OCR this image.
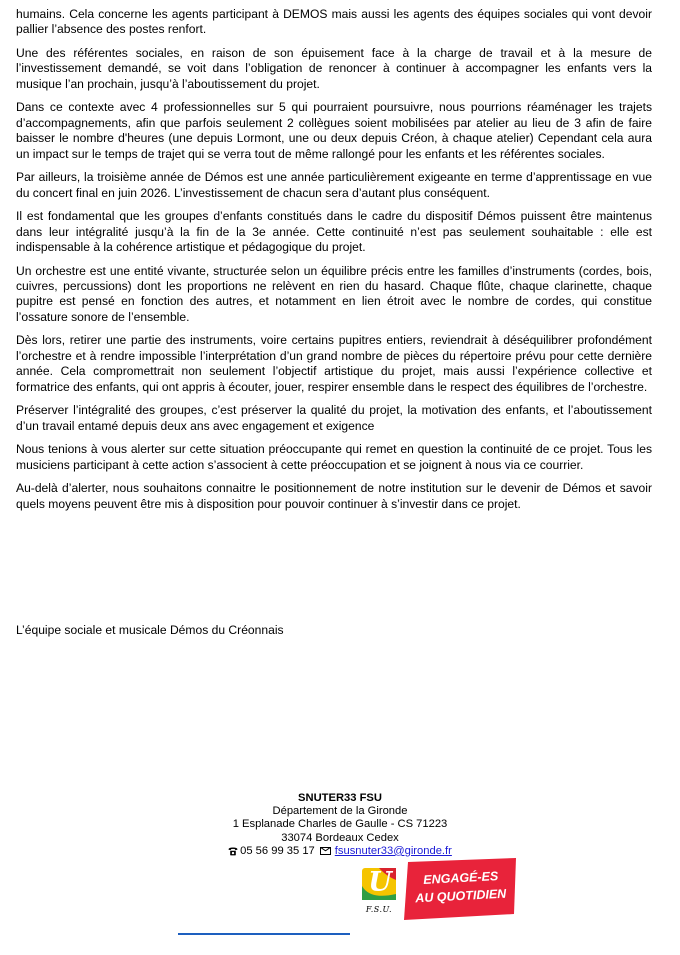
humains. Cela concerne les agents participant à DEMOS mais aussi les agents des équipes sociales qui vont devoir pallier l’absence des postes renfort.

Une des référentes sociales, en raison de son épuisement face à la charge de travail et à la mesure de l’investissement demandé, se voit dans l’obligation de renoncer à continuer à accompagner les enfants vers la musique l’an prochain, jusqu’à l’aboutissement du projet.

Dans ce contexte avec 4 professionnelles sur 5 qui pourraient poursuivre, nous pourrions réaménager les trajets d’accompagnements, afin que parfois seulement 2 collègues soient mobilisées par atelier au lieu de 3 afin de faire baisser le nombre d'heures (une depuis Lormont, une ou deux depuis Créon, à chaque atelier) Cependant cela aura un impact sur le temps de trajet qui se verra tout de même rallongé pour les enfants et les référentes sociales.

Par ailleurs, la troisième année de Démos est une année particulièrement exigeante en terme d’apprentissage en vue du concert final en juin 2026. L’investissement de chacun sera d’autant plus conséquent.

Il est fondamental que les groupes d’enfants constitués dans le cadre du dispositif Démos puissent être maintenus dans leur intégralité jusqu’à la fin de la 3e année. Cette continuité n’est pas seulement souhaitable : elle est indispensable à la cohérence artistique et pédagogique du projet.

Un orchestre est une entité vivante, structurée selon un équilibre précis entre les familles d’instruments (cordes, bois, cuivres, percussions) dont les proportions ne relèvent en rien du hasard. Chaque flûte, chaque clarinette, chaque pupitre est pensé en fonction des autres, et notamment en lien étroit avec le nombre de cordes, qui constitue l’ossature sonore de l’ensemble.

Dès lors, retirer une partie des instruments, voire certains pupitres entiers, reviendrait à déséquilibrer profondément l’orchestre et à rendre impossible l’interprétation d’un grand nombre de pièces du répertoire prévu pour cette dernière année. Cela compromettrait non seulement l’objectif artistique du projet, mais aussi l’expérience collective et formatrice des enfants, qui ont appris à écouter, jouer, respirer ensemble dans le respect des équilibres de l’orchestre.

Préserver l’intégralité des groupes, c’est préserver la qualité du projet, la motivation des enfants, et l’aboutissement d’un travail entamé depuis deux ans avec engagement et exigence

Nous tenions à vous alerter sur cette situation préoccupante qui remet en question la continuité de ce projet. Tous les musiciens participant à cette action s’associent à cette préoccupation et se joignent à nous via ce courrier.

Au-delà d’alerter, nous souhaitons connaitre le positionnement de notre institution sur le devenir de Démos et savoir quels moyens peuvent être mis à disposition pour pouvoir continuer à s’investir dans ce projet.

L’équipe sociale et musicale Démos du Créonnais
SNUTER33 FSU
Département de la Gironde
1 Esplanade Charles de Gaulle - CS 71223
33074 Bordeaux Cedex
05 56 99 35 17 fsusnuter33@gironde.fr
U
F.S.U.
ENGAGÉ-ES
AU QUOTIDIEN
